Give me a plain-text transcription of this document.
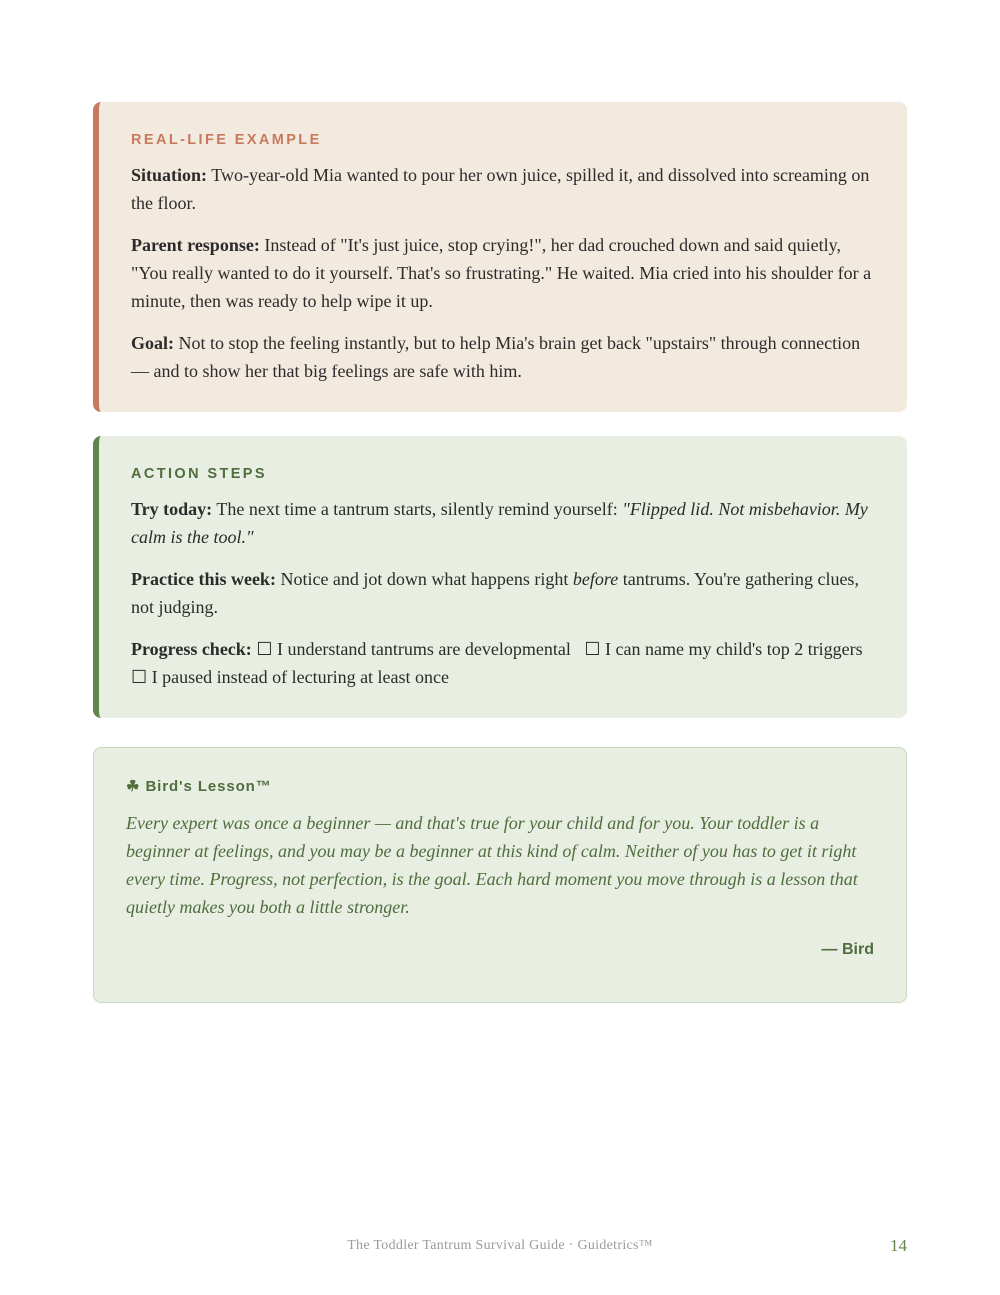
REAL-LIFE EXAMPLE

Situation: Two-year-old Mia wanted to pour her own juice, spilled it, and dissolved into screaming on the floor.

Parent response: Instead of "It's just juice, stop crying!", her dad crouched down and said quietly, "You really wanted to do it yourself. That's so frustrating." He waited. Mia cried into his shoulder for a minute, then was ready to help wipe it up.

Goal: Not to stop the feeling instantly, but to help Mia's brain get back "upstairs" through connection — and to show her that big feelings are safe with him.

ACTION STEPS

Try today: The next time a tantrum starts, silently remind yourself: "Flipped lid. Not misbehavior. My calm is the tool."

Practice this week: Notice and jot down what happens right before tantrums. You're gathering clues, not judging.

Progress check: ☐ I understand tantrums are developmental ☐ I can name my child's top 2 triggers ☐ I paused instead of lecturing at least once

☘ Bird's Lesson™

Every expert was once a beginner — and that's true for your child and for you. Your toddler is a beginner at feelings, and you may be a beginner at this kind of calm. Neither of you has to get it right every time. Progress, not perfection, is the goal. Each hard moment you move through is a lesson that quietly makes you both a little stronger.

— Bird
The Toddler Tantrum Survival Guide · Guidetrics™	14
